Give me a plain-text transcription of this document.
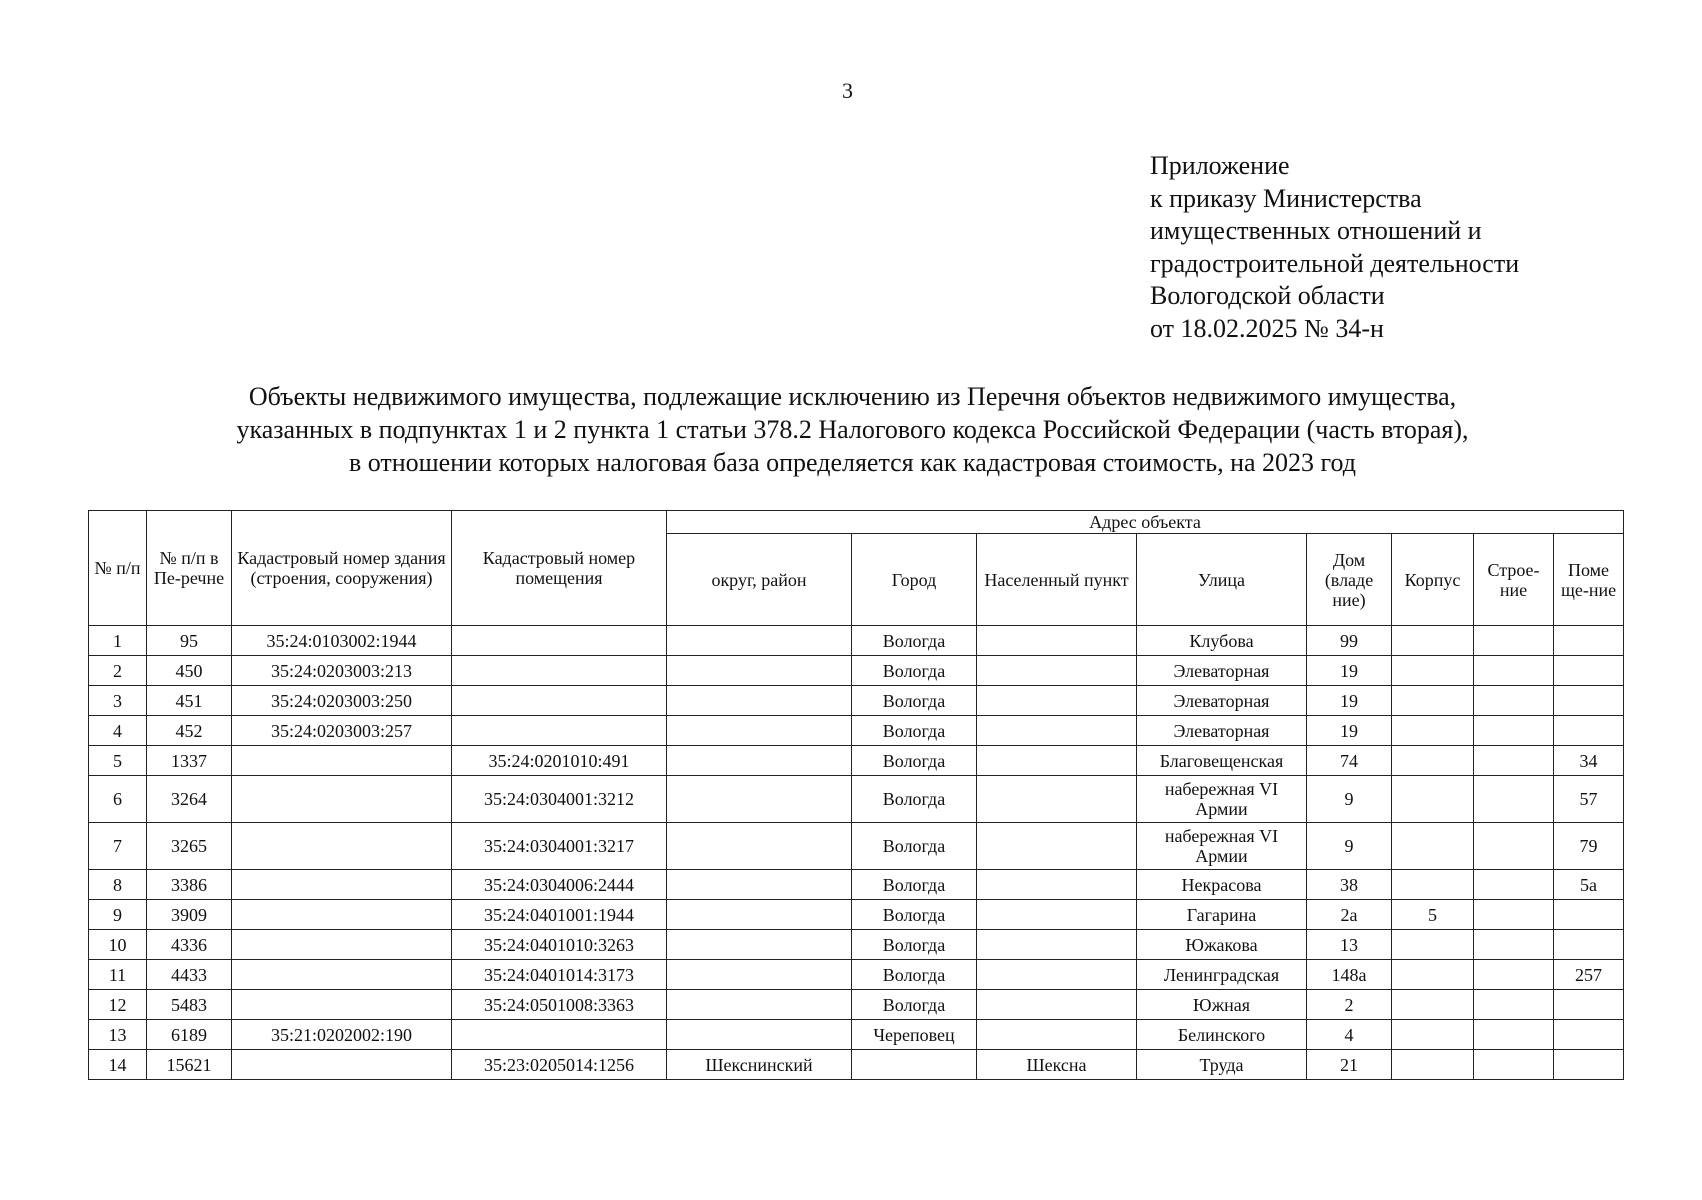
3
Приложение
к приказу Министерства
имущественных отношений и
градостроительной деятельности
Вологодской области
от 18.02.2025 № 34-н
Объекты недвижимого имущества, подлежащие исключению из Перечня объектов недвижимого имущества,
указанных в подпунктах 1 и 2 пункта 1 статьи 378.2 Налогового кодекса Российской Федерации (часть вторая),
в отношении которых налоговая база определяется как кадастровая стоимость, на 2023 год
№ п/п	№ п/п в Пе-речне	Кадастровый номер здания (строения, сооружения)	Кадастровый номер помещения	Адрес объекта							
				округ, район	Город	Населенный пункт	Улица	Дом (владе ние)	Корпус	Строе-ние	Поме ще-ние
1	95	35:24:0103002:1944			Вологда		Клубова	99			
2	450	35:24:0203003:213			Вологда		Элеваторная	19			
3	451	35:24:0203003:250			Вологда		Элеваторная	19			
4	452	35:24:0203003:257			Вологда		Элеваторная	19			
5	1337		35:24:0201010:491		Вологда		Благовещенская	74			34
6	3264		35:24:0304001:3212		Вологда		набережная VI Армии	9			57
7	3265		35:24:0304001:3217		Вологда		набережная VI Армии	9			79
8	3386		35:24:0304006:2444		Вологда		Некрасова	38			5а
9	3909		35:24:0401001:1944		Вологда		Гагарина	2а	5		
10	4336		35:24:0401010:3263		Вологда		Южакова	13			
11	4433		35:24:0401014:3173		Вологда		Ленинградская	148а			257
12	5483		35:24:0501008:3363		Вологда		Южная	2			
13	6189	35:21:0202002:190			Череповец		Белинского	4			
14	15621		35:23:0205014:1256	Шекснинский		Шексна	Труда	21			
